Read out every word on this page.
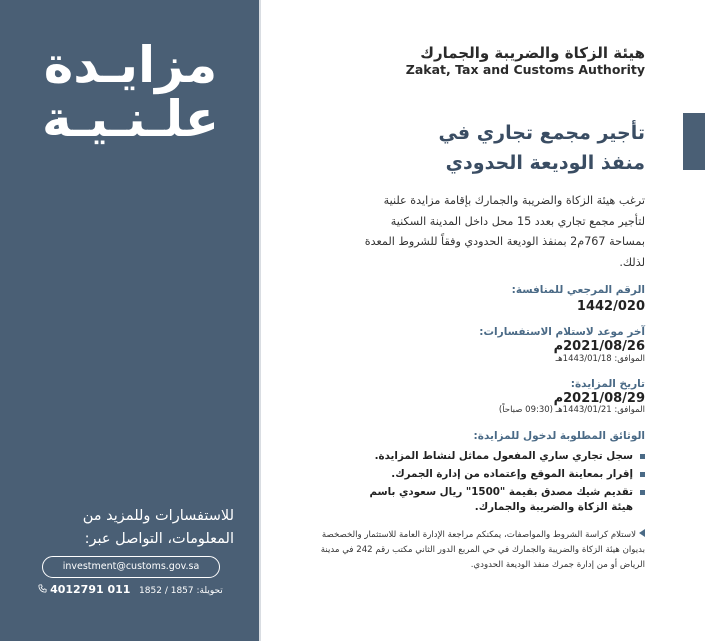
مزايـدة
علـنـيـة
للاستفسارات وللمزيد من
المعلومات، التواصل عبر:
investment@customs.gov.sa
تحويلة: 1857 / 1852   011 4012791
هيئة الزكاة والضريبة والجمارك
Zakat, Tax and Customs Authority
تأجير مجمع تجاري في
منفذ الوديعة الحدودي
ترغب هيئة الزكاة والضريبة والجمارك بإقامة مزايدة علنية لتأجير مجمع تجاري بعدد 15 محل داخل المدينة السكنية بمساحة 767م2 بمنفذ الوديعة الحدودي وفقاً للشروط المعدة لذلك.
الرقم المرجعي للمنافسة:
1442/020
آخر موعد لاستلام الاستفسارات:
2021/08/26م
الموافق: 1443/01/18هـ
تاريخ المزايدة:
2021/08/29م
الموافق: 1443/01/21هـ (09:30 صباحاً)
الوثائق المطلوبة لدخول للمزايدة:
سجل تجاري ساري المفعول مماثل لنشاط المزايدة.
إقرار بمعاينة الموقع وإعتماده من إدارة الجمرك.
تقديم شيك مصدق بقيمة "1500" ريال سعودي باسم هيئة الزكاة والضريبة والجمارك.
لاستلام كراسة الشروط والمواصفات، يمكنكم مراجعة الإدارة العامة للاستثمار والخصخصة بديوان هيئة الزكاة والضريبة والجمارك في حي المربع الدور الثاني مكتب رقم 242 في مدينة الرياض أو من إدارة جمرك منفذ الوديعة الحدودي.
